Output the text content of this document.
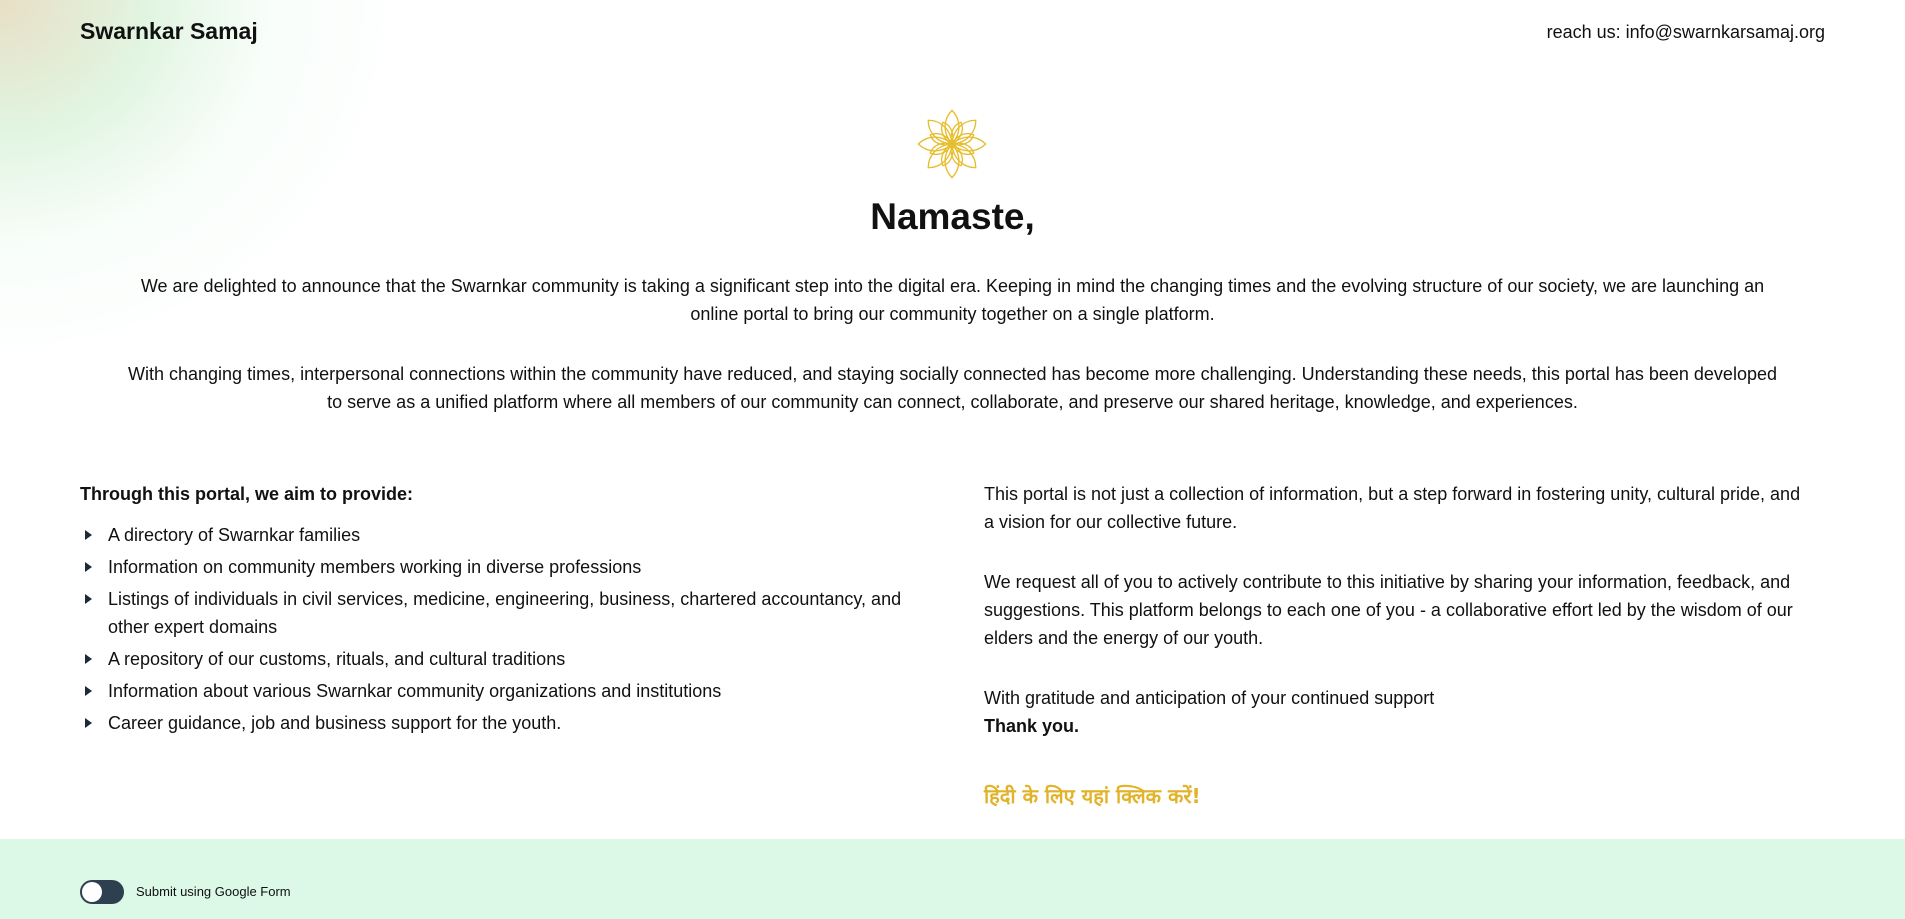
Swarnkar Samaj	reach us: info@swarnkarsamaj.org
Namaste,

We are delighted to announce that the Swarnkar community is taking a significant step into the digital era. Keeping in mind the changing times and the evolving structure of our society, we are launching an online portal to bring our community together on a single platform.

With changing times, interpersonal connections within the community have reduced, and staying socially connected has become more challenging. Understanding these needs, this portal has been developed to serve as a unified platform where all members of our community can connect, collaborate, and preserve our shared heritage, knowledge, and experiences.

Through this portal, we aim to provide:
A directory of Swarnkar families
Information on community members working in diverse professions
Listings of individuals in civil services, medicine, engineering, business, chartered accountancy, and other expert domains
A repository of our customs, rituals, and cultural traditions
Information about various Swarnkar community organizations and institutions
Career guidance, job and business support for the youth.

This portal is not just a collection of information, but a step forward in fostering unity, cultural pride, and a vision for our collective future.

We request all of you to actively contribute to this initiative by sharing your information, feedback, and suggestions. This platform belongs to each one of you - a collaborative effort led by the wisdom of our elders and the energy of our youth.

With gratitude and anticipation of your continued support
Thank you.

हिंदी के लिए यहां क्लिक करें!
Submit using Google Form
